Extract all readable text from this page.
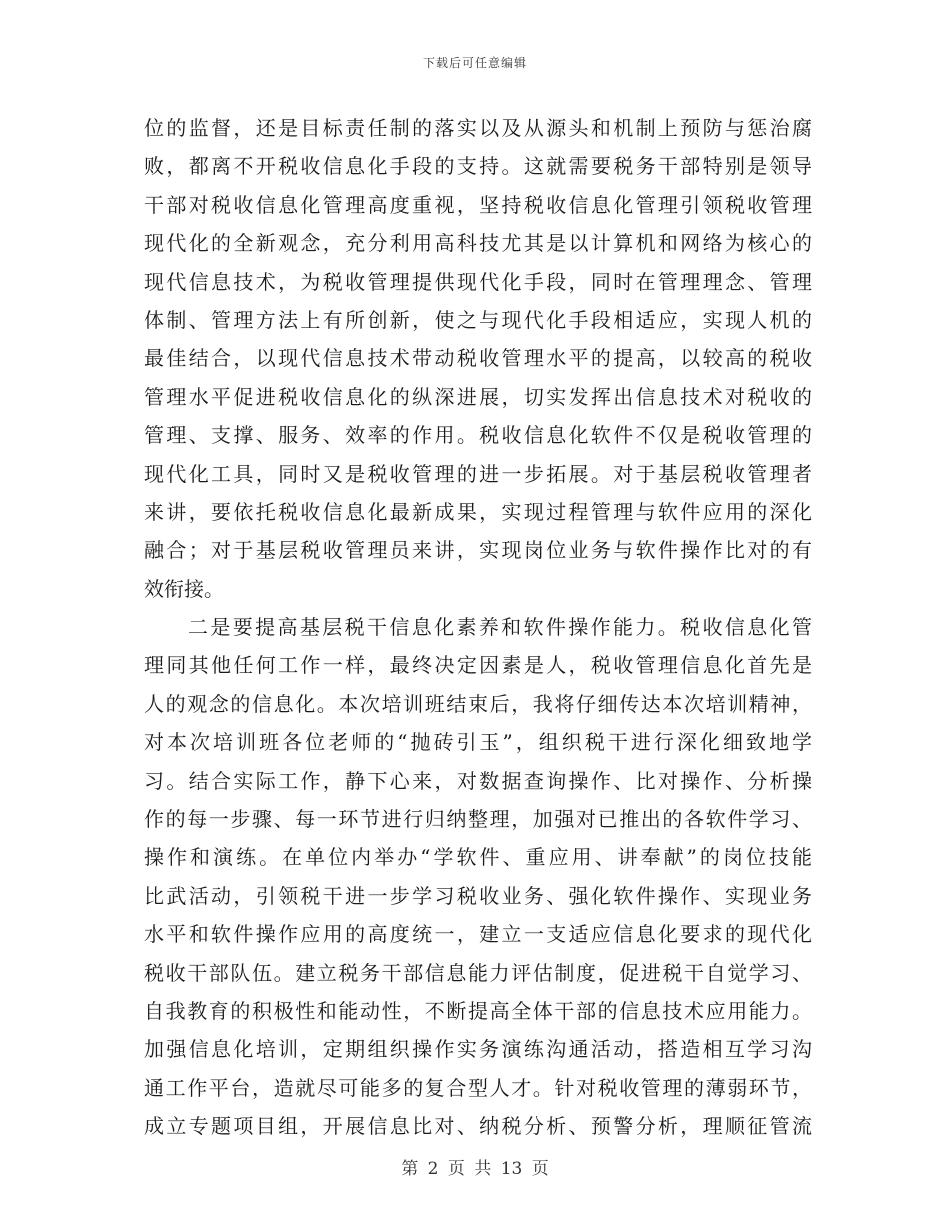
下载后可任意编辑
位的监督，还是目标责任制的落实以及从源头和机制上预防与惩治腐
败，都离不开税收信息化手段的支持。这就需要税务干部特别是领导
干部对税收信息化管理高度重视，坚持税收信息化管理引领税收管理
现代化的全新观念，充分利用高科技尤其是以计算机和网络为核心的
现代信息技术，为税收管理提供现代化手段，同时在管理理念、管理
体制、管理方法上有所创新，使之与现代化手段相适应，实现人机的
最佳结合，以现代信息技术带动税收管理水平的提高，以较高的税收
管理水平促进税收信息化的纵深进展，切实发挥出信息技术对税收的
管理、支撑、服务、效率的作用。税收信息化软件不仅是税收管理的
现代化工具，同时又是税收管理的进一步拓展。对于基层税收管理者
来讲，要依托税收信息化最新成果，实现过程管理与软件应用的深化
融合；对于基层税收管理员来讲，实现岗位业务与软件操作比对的有
效衔接。
二是要提高基层税干信息化素养和软件操作能力。税收信息化管
理同其他任何工作一样，最终决定因素是人，税收管理信息化首先是
人的观念的信息化。本次培训班结束后，我将仔细传达本次培训精神，
对本次培训班各位老师的“抛砖引玉”，组织税干进行深化细致地学
习。结合实际工作，静下心来，对数据查询操作、比对操作、分析操
作的每一步骤、每一环节进行归纳整理，加强对已推出的各软件学习、
操作和演练。在单位内举办“学软件、重应用、讲奉献”的岗位技能
比武活动，引领税干进一步学习税收业务、强化软件操作、实现业务
水平和软件操作应用的高度统一，建立一支适应信息化要求的现代化
税收干部队伍。建立税务干部信息能力评估制度，促进税干自觉学习、
自我教育的积极性和能动性，不断提高全体干部的信息技术应用能力。
加强信息化培训，定期组织操作实务演练沟通活动，搭造相互学习沟
通工作平台，造就尽可能多的复合型人才。针对税收管理的薄弱环节，
成立专题项目组，开展信息比对、纳税分析、预警分析，理顺征管流
第 2 页 共 13 页
